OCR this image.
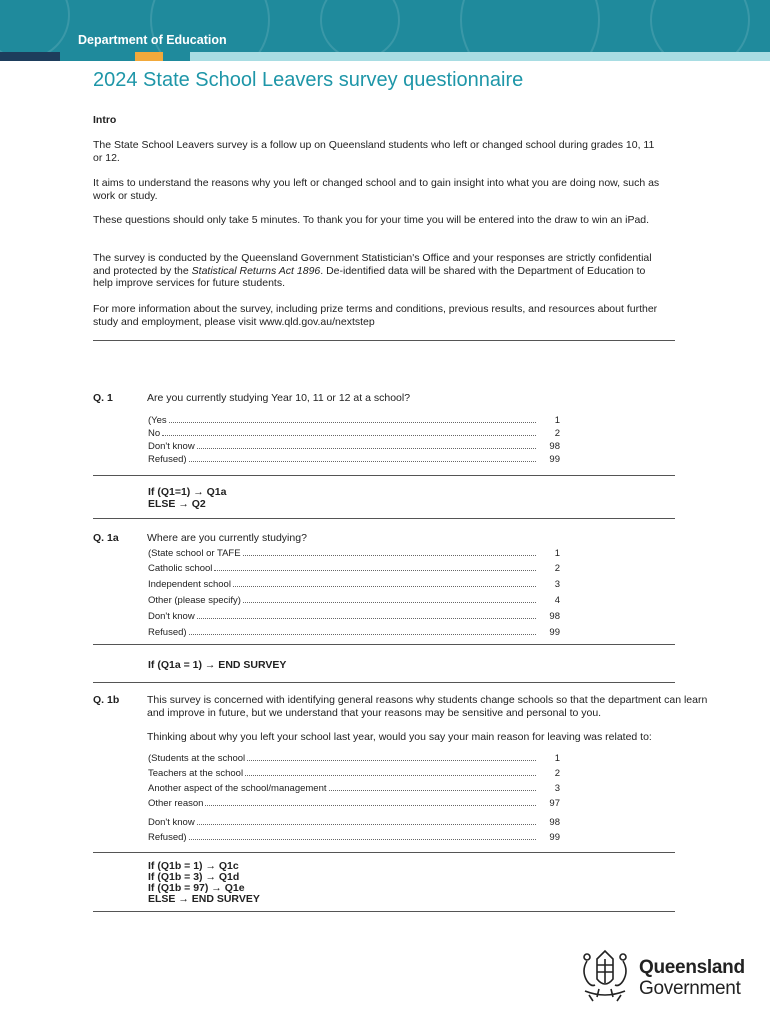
Department of Education
2024 State School Leavers survey questionnaire
Intro
The State School Leavers survey is a follow up on Queensland students who left or changed school during grades 10, 11 or 12.
It aims to understand the reasons why you left or changed school and to gain insight into what you are doing now, such as work or study.
These questions should only take 5 minutes. To thank you for your time you will be entered into the draw to win an iPad.
The survey is conducted by the Queensland Government Statistician's Office and your responses are strictly confidential and protected by the Statistical Returns Act 1896. De-identified data will be shared with the Department of Education to help improve services for future students.
For more information about the survey, including prize terms and conditions, previous results, and resources about further study and employment, please visit www.qld.gov.au/nextstep
Q. 1	Are you currently studying Year 10, 11 or 12 at a school?
(Yes	1
No	2
Don't know	98
Refused)	99
If (Q1=1) → Q1a
ELSE → Q2
Q. 1a	Where are you currently studying?
(State school or TAFE	1
Catholic school	2
Independent school	3
Other (please specify)	4
Don't know	98
Refused)	99
If (Q1a = 1) → END SURVEY
Q. 1b	This survey is concerned with identifying general reasons why students change schools so that the department can learn and improve in future, but we understand that your reasons may be sensitive and personal to you.
Thinking about why you left your school last year, would you say your main reason for leaving was related to:
(Students at the school	1
Teachers at the school	2
Another aspect of the school/management	3
Other reason	97
Don't know	98
Refused)	99
If (Q1b = 1) → Q1c
If (Q1b = 3) → Q1d
If (Q1b = 97) → Q1e
ELSE → END SURVEY
Queensland
Government
